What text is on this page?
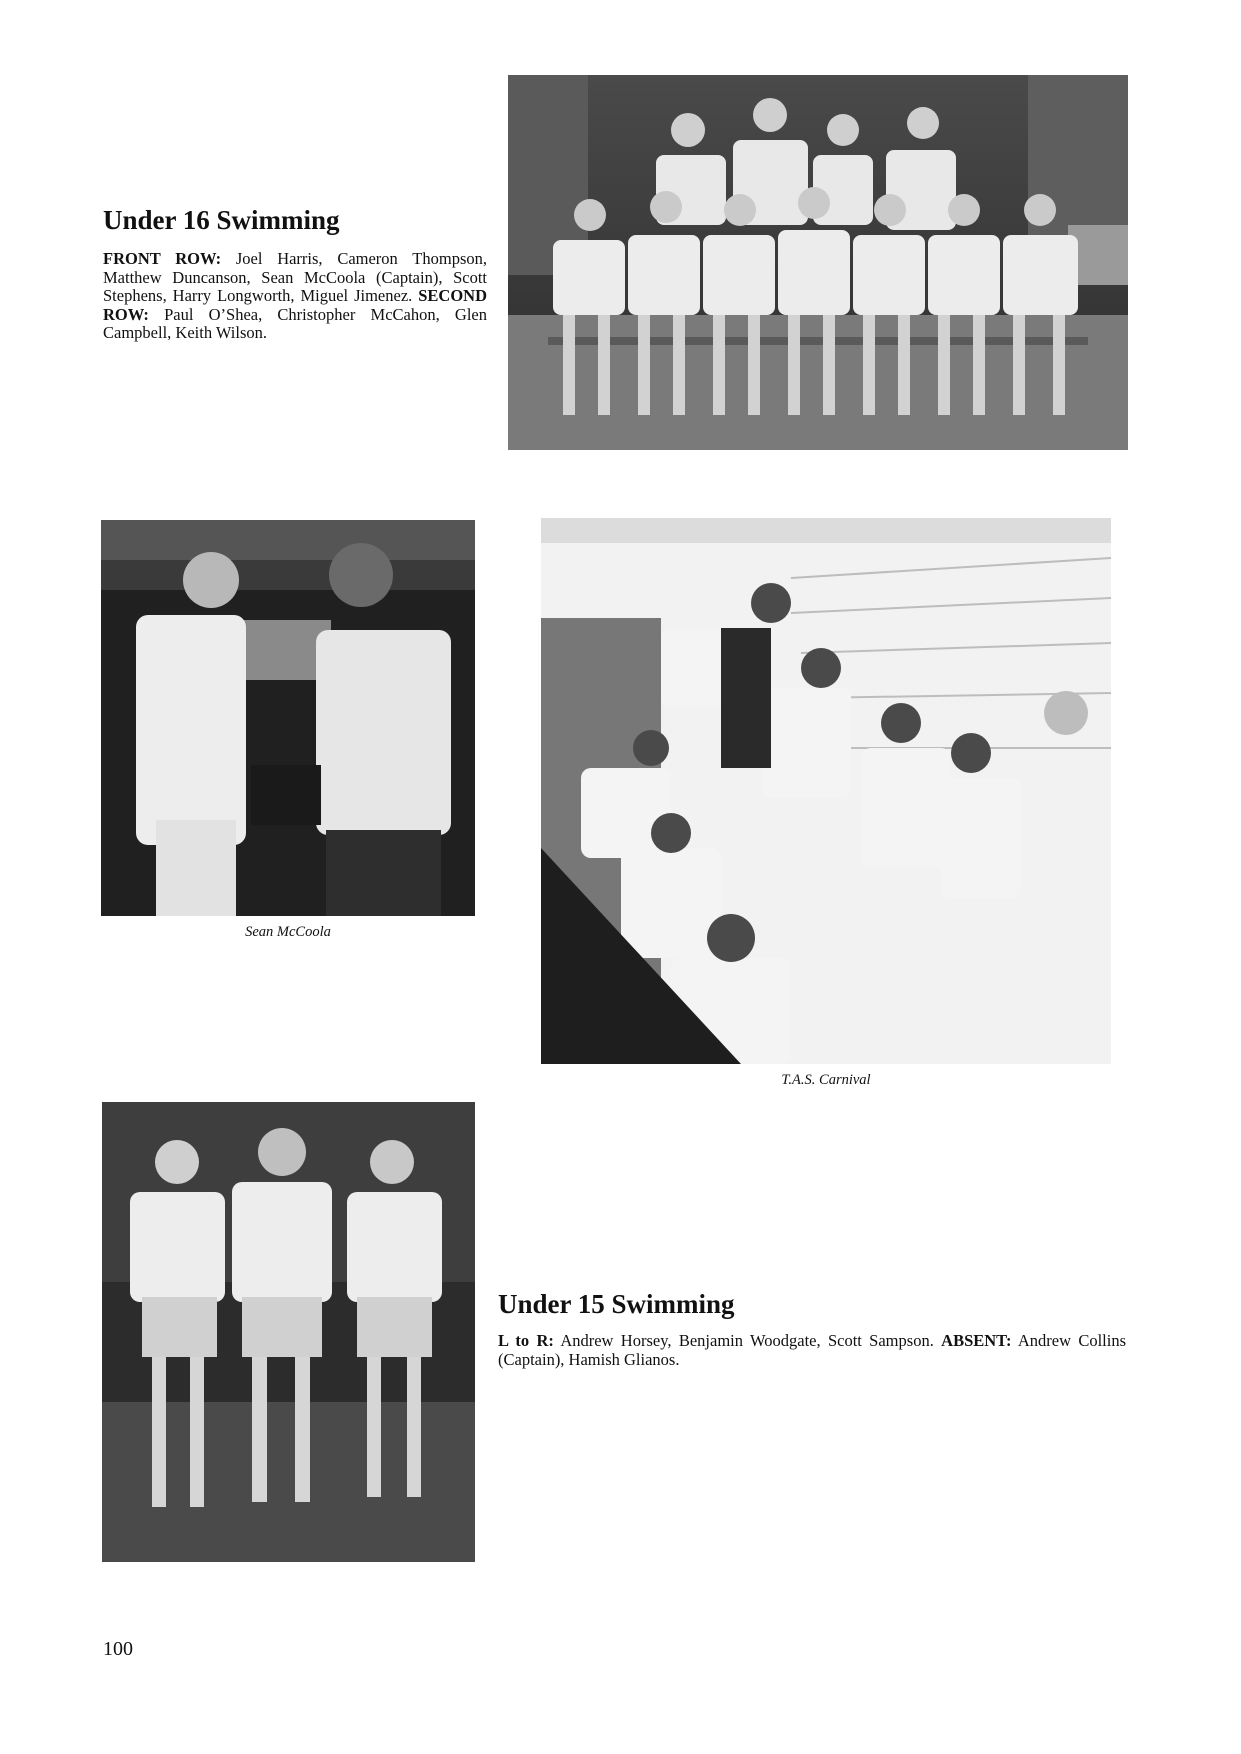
Under 16 Swimming
FRONT ROW: Joel Harris, Cameron Thompson, Matthew Duncanson, Sean McCoola (Captain), Scott Stephens, Harry Longworth, Miguel Jimenez. SECOND ROW: Paul O’Shea, Christopher McCahon, Glen Campbell, Keith Wilson.
Sean McCoola
T.A.S. Carnival
Under 15 Swimming
L to R: Andrew Horsey, Benjamin Woodgate, Scott Sampson. ABSENT: Andrew Collins (Captain), Hamish Glianos.
100
